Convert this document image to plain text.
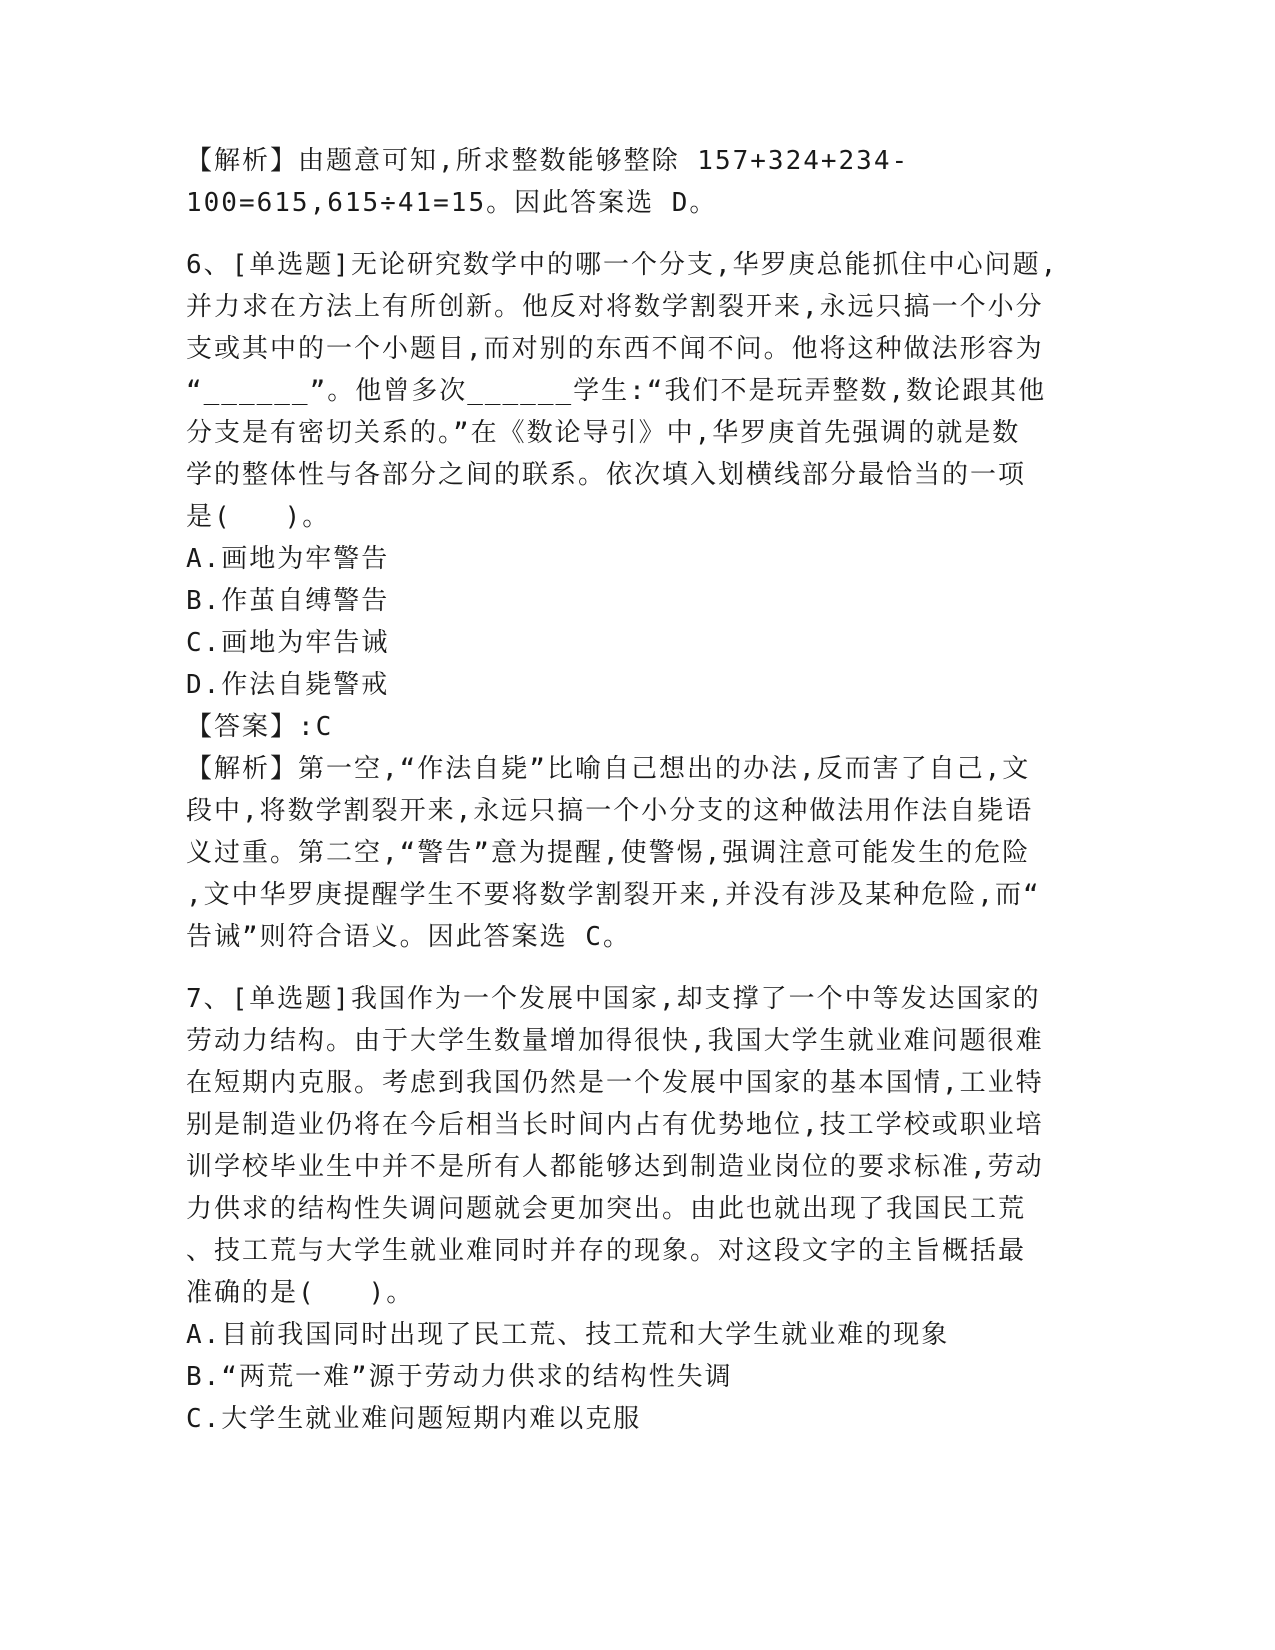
【解析】由题意可知,所求整数能够整除 157+324+234-
100=615,615÷41=15。因此答案选 D。
6、[单选题]无论研究数学中的哪一个分支,华罗庚总能抓住中心问题,
并力求在方法上有所创新。他反对将数学割裂开来,永远只搞一个小分
支或其中的一个小题目,而对别的东西不闻不问。他将这种做法形容为
“______”。他曾多次______学生:“我们不是玩弄整数,数论跟其他
分支是有密切关系的。”在《数论导引》中,华罗庚首先强调的就是数
学的整体性与各部分之间的联系。依次填入划横线部分最恰当的一项
是(   )。
A.画地为牢警告
B.作茧自缚警告
C.画地为牢告诫
D.作法自毙警戒
【答案】:C
【解析】第一空,“作法自毙”比喻自己想出的办法,反而害了自己,文
段中,将数学割裂开来,永远只搞一个小分支的这种做法用作法自毙语
义过重。第二空,“警告”意为提醒,使警惕,强调注意可能发生的危险
,文中华罗庚提醒学生不要将数学割裂开来,并没有涉及某种危险,而“
告诫”则符合语义。因此答案选 C。
7、[单选题]我国作为一个发展中国家,却支撑了一个中等发达国家的
劳动力结构。由于大学生数量增加得很快,我国大学生就业难问题很难
在短期内克服。考虑到我国仍然是一个发展中国家的基本国情,工业特
别是制造业仍将在今后相当长时间内占有优势地位,技工学校或职业培
训学校毕业生中并不是所有人都能够达到制造业岗位的要求标准,劳动
力供求的结构性失调问题就会更加突出。由此也就出现了我国民工荒
、技工荒与大学生就业难同时并存的现象。对这段文字的主旨概括最
准确的是(   )。
A.目前我国同时出现了民工荒、技工荒和大学生就业难的现象
B.“两荒一难”源于劳动力供求的结构性失调
C.大学生就业难问题短期内难以克服
